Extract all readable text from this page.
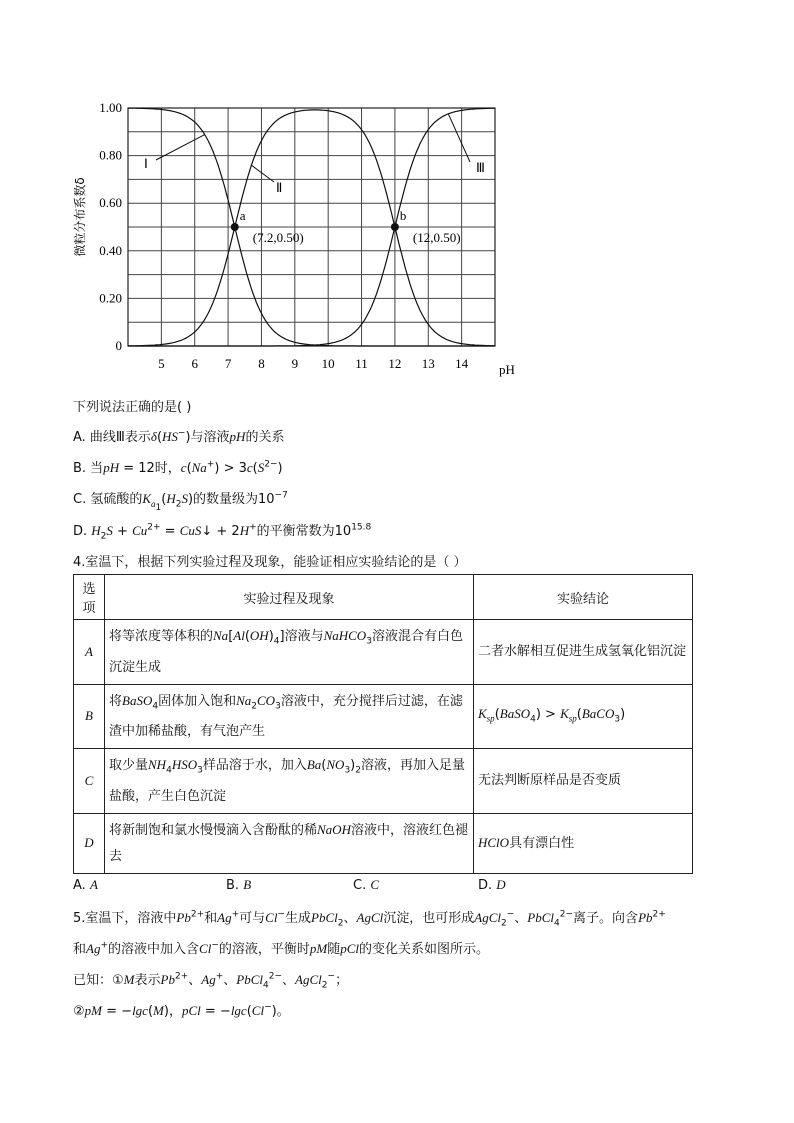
5 6 7 8 9 10 11 12 13 14
0
0.20
0.40
0.60
0.80
1.00
pH
微粒分布系数δ
Ⅰ
Ⅱ
Ⅲ
a
(7.2,0.50)
b
(12,0.50)
下列说法正确的是( )
A. 曲线Ⅲ表示δ(HS−)与溶液pH的关系
B. 当pH = 12时，$c(Na^+) > 3c(S^{2-})$
C. 氢硫酸的$K_{a_1}(H_2S)$的数量级为$10^{-7}$
D. $H_2S + Cu^{2+}$ = CuS↓ + 2H+的平衡常数为$10^{15.8}$
4.室温下，根据下列实验过程及现象，能验证相应实验结论的是（ ）
选项	实验过程及现象	实验结论
A	将等浓度等体积的$Na[Al(OH)_4]$溶液与NaHCO$_3$溶液混合有白色沉淀生成	二者水解相互促进生成氢氧化铝沉淀
B	将BaSO$_4$固体加入饱和$Na_2CO_3$溶液中，充分搅拌后过滤，在滤渣中加稀盐酸，有气泡产生	$K_{sp}(BaSO_4)$ > $K_{sp}(BaCO_3)$
C	取少量$NH_4HSO_3$样品溶于水，加入$Ba(NO_3)_2$溶液，再加入足量盐酸，产生白色沉淀	无法判断原样品是否变质
D	将新制饱和氯水慢慢滴入含酚酞的稀NaOH溶液中，溶液红色褪去	HClO具有漂白性
A. A	B. B	C. C	D. D
5.室温下，溶液中$Pb^{2+}$和Ag+可与Cl−生成PbCl$_2$、AgCl沉淀，也可形成AgCl$_2$−、PbCl$_4^{2-}$离子。向含$Pb^{2+}$
和Ag+的溶液中加入含Cl−的溶液，平衡时pM随pCl的变化关系如图所示。
已知：①M表示$Pb^{2+}$、Ag+、PbCl$_4^{2-}$、AgCl$_2$−；
②pM = −lgc(M)，pCl = −lgc(Cl−)。
